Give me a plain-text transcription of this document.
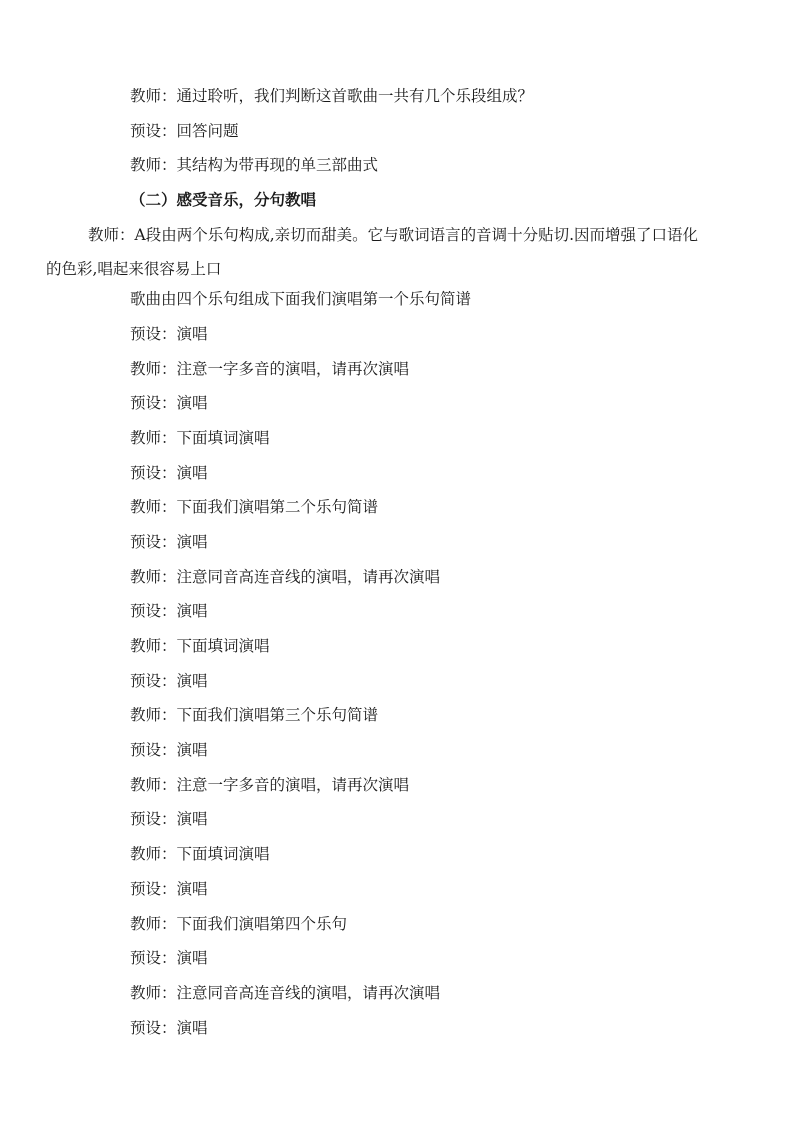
教师：通过聆听，我们判断这首歌曲一共有几个乐段组成？
预设：回答问题
教师：其结构为带再现的单三部曲式
（二）感受音乐，分句教唱
教师：A段由两个乐句构成,亲切而甜美。它与歌词语言的音调十分贴切.因而增强了口语化的色彩,唱起来很容易上口
歌曲由四个乐句组成下面我们演唱第一个乐句简谱
预设：演唱
教师：注意一字多音的演唱，请再次演唱
预设：演唱
教师：下面填词演唱
预设：演唱
教师：下面我们演唱第二个乐句简谱
预设：演唱
教师：注意同音高连音线的演唱，请再次演唱
预设：演唱
教师：下面填词演唱
预设：演唱
教师：下面我们演唱第三个乐句简谱
预设：演唱
教师：注意一字多音的演唱，请再次演唱
预设：演唱
教师：下面填词演唱
预设：演唱
教师：下面我们演唱第四个乐句
预设：演唱
教师：注意同音高连音线的演唱，请再次演唱
预设：演唱
